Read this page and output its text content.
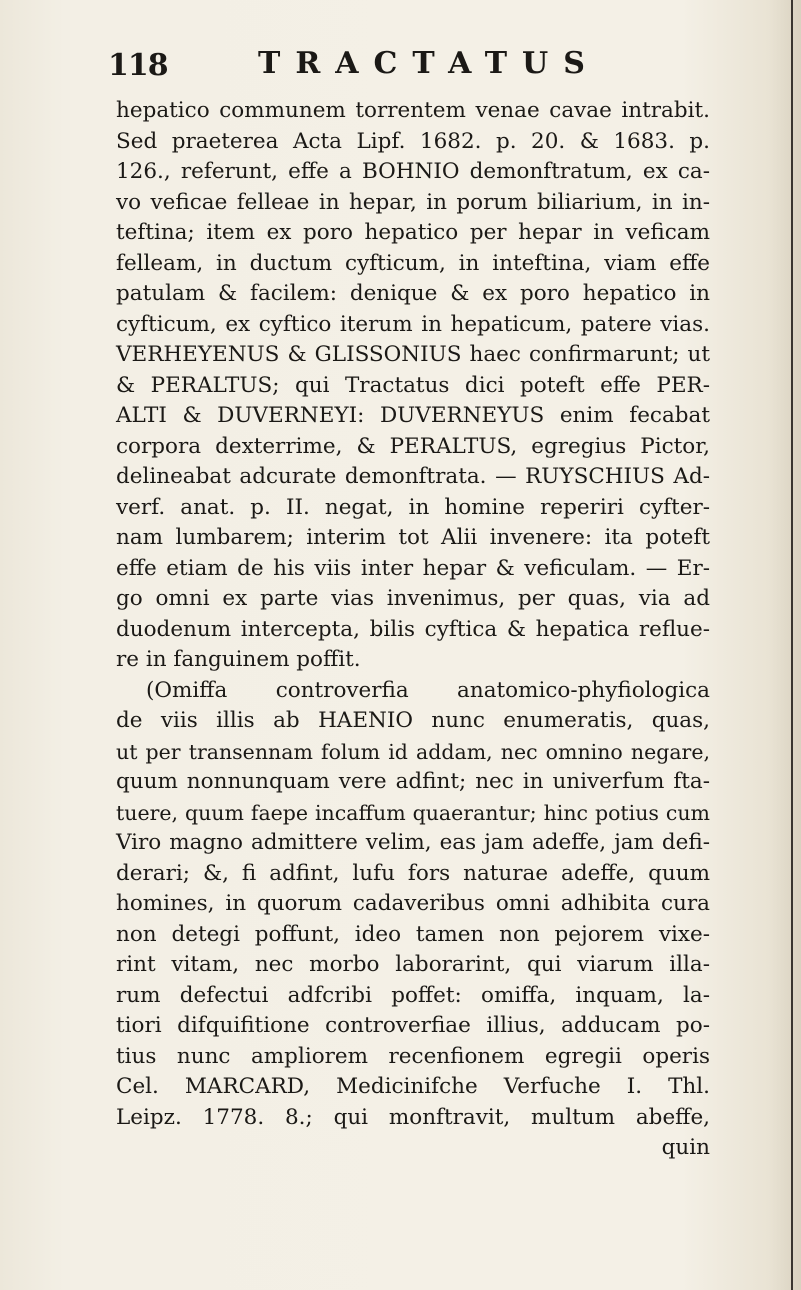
118	TRACTATUS
hepatico communem torrentem venae cavae intrabit.
Sed praeterea Acta Lipf. 1682. p. 20. & 1683. p.
126., referunt, effe a BOHNIO demonftratum, ex ca-
vo veficae felleae in hepar, in porum biliarium, in in-
teftina; item ex poro hepatico per hepar in veficam
felleam, in ductum cyfticum, in inteftina, viam effe
patulam & facilem: denique & ex poro hepatico in
cyfticum, ex cyftico iterum in hepaticum, patere vias.
VERHEYENUS & GLISSONIUS haec confirmarunt; ut
& PERALTUS; qui Tractatus dici poteft effe PER-
ALTI & DUVERNEYI: DUVERNEYUS enim fecabat
corpora dexterrime, & PERALTUS, egregius Pictor,
delineabat adcurate demonftrata. — RUYSCHIUS Ad-
verf. anat. p. II. negat, in homine reperiri cyfter-
nam lumbarem; interim tot Alii invenere: ita poteft
effe etiam de his viis inter hepar & veficulam. — Er-
go omni ex parte vias invenimus, per quas, via ad
duodenum intercepta, bilis cyftica & hepatica reflue-
re in fanguinem poffit.
(Omiffa controverfia anatomico-phyfiologica
de viis illis ab HAENIO nunc enumeratis, quas,
ut per transennam folum id addam, nec omnino negare,
quum nonnunquam vere adfint; nec in univerfum fta-
tuere, quum faepe incaffum quaerantur; hinc potius cum
Viro magno admittere velim, eas jam adeffe, jam defi-
derari; &, fi adfint, lufu fors naturae adeffe, quum
homines, in quorum cadaveribus omni adhibita cura
non detegi poffunt, ideo tamen non pejorem vixe-
rint vitam, nec morbo laborarint, qui viarum illa-
rum defectui adfcribi poffet: omiffa, inquam, la-
tiori difquifitione controverfiae illius, adducam po-
tius nunc ampliorem recenfionem egregii operis
Cel. MARCARD, Medicinifche Verfuche I. Thl.
Leipz. 1778. 8.; qui monftravit, multum abeffe,
quin
